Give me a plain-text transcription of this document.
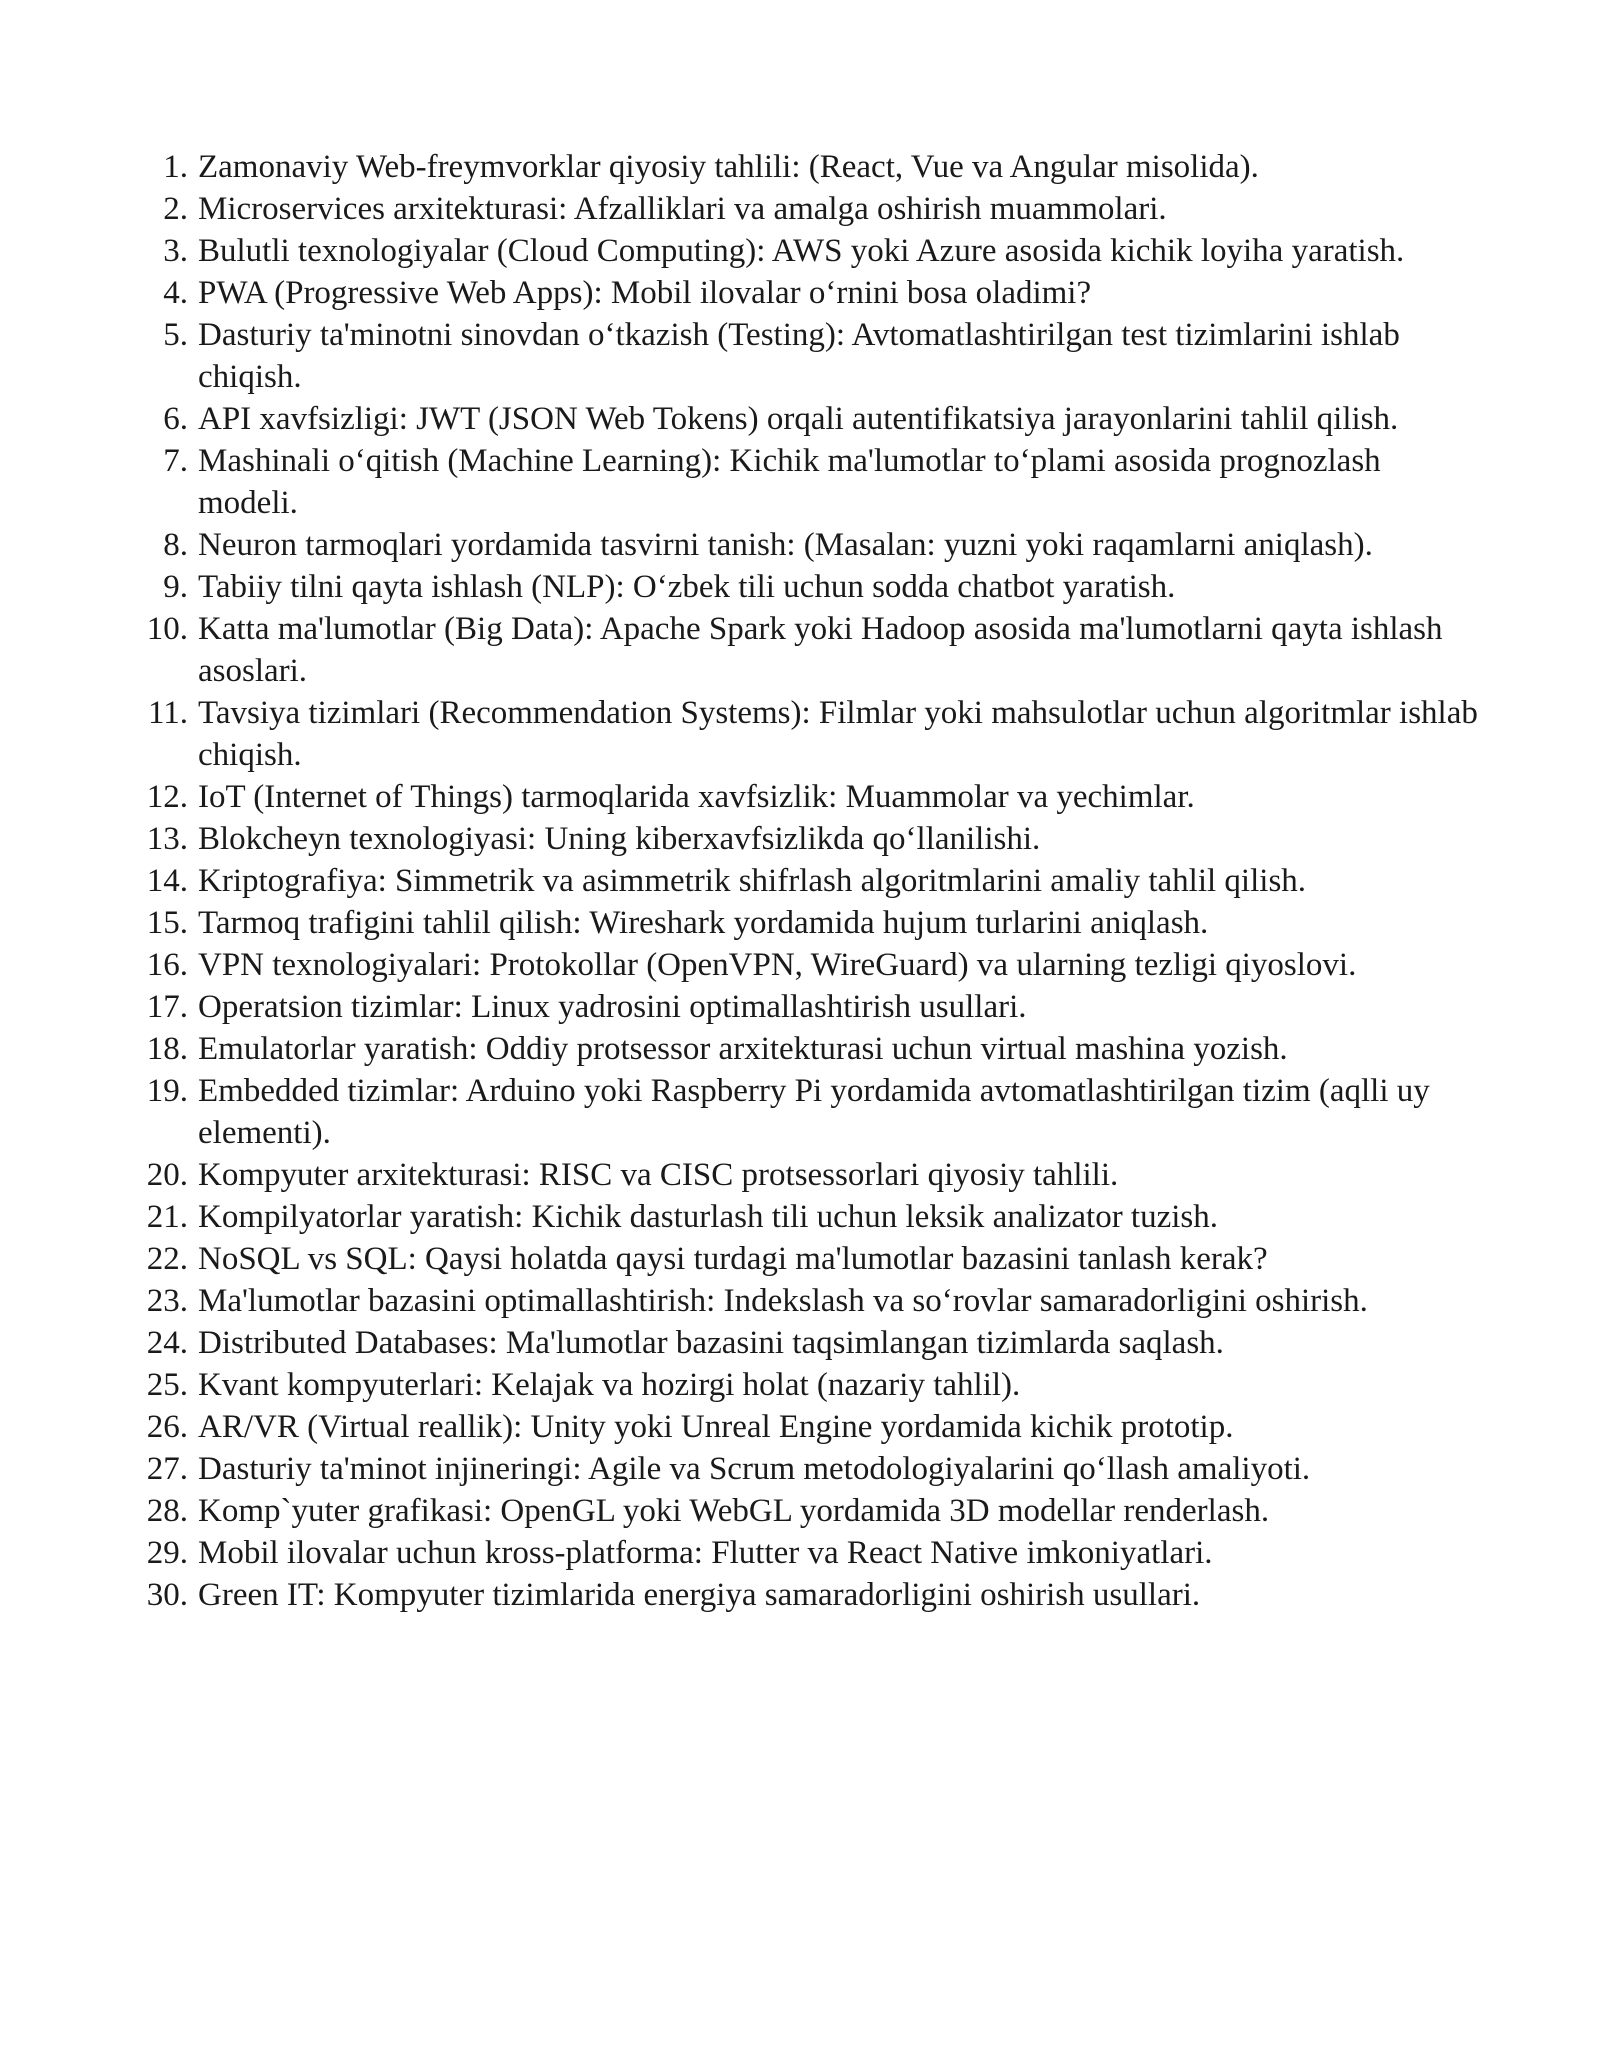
1. Zamonaviy Web-freymvorklar qiyosiy tahlili: (React, Vue va Angular misolida).
2. Microservices arxitekturasi: Afzalliklari va amalga oshirish muammolari.
3. Bulutli texnologiyalar (Cloud Computing): AWS yoki Azure asosida kichik loyiha yaratish.
4. PWA (Progressive Web Apps): Mobil ilovalar o‘rnini bosa oladimi?
5. Dasturiy ta'minotni sinovdan o‘tkazish (Testing): Avtomatlashtirilgan test tizimlarini ishlab chiqish.
6. API xavfsizligi: JWT (JSON Web Tokens) orqali autentifikatsiya jarayonlarini tahlil qilish.
7. Mashinali o‘qitish (Machine Learning): Kichik ma'lumotlar to‘plami asosida prognozlash modeli.
8. Neuron tarmoqlari yordamida tasvirni tanish: (Masalan: yuzni yoki raqamlarni aniqlash).
9. Tabiiy tilni qayta ishlash (NLP): O‘zbek tili uchun sodda chatbot yaratish.
10. Katta ma'lumotlar (Big Data): Apache Spark yoki Hadoop asosida ma'lumotlarni qayta ishlash asoslari.
11. Tavsiya tizimlari (Recommendation Systems): Filmlar yoki mahsulotlar uchun algoritmlar ishlab chiqish.
12. IoT (Internet of Things) tarmoqlarida xavfsizlik: Muammolar va yechimlar.
13. Blokcheyn texnologiyasi: Uning kiberxavfsizlikda qo‘llanilishi.
14. Kriptografiya: Simmetrik va asimmetrik shifrlash algoritmlarini amaliy tahlil qilish.
15. Tarmoq trafigini tahlil qilish: Wireshark yordamida hujum turlarini aniqlash.
16. VPN texnologiyalari: Protokollar (OpenVPN, WireGuard) va ularning tezligi qiyoslovi.
17. Operatsion tizimlar: Linux yadrosini optimallashtirish usullari.
18. Emulatorlar yaratish: Oddiy protsessor arxitekturasi uchun virtual mashina yozish.
19. Embedded tizimlar: Arduino yoki Raspberry Pi yordamida avtomatlashtirilgan tizim (aqlli uy elementi).
20. Kompyuter arxitekturasi: RISC va CISC protsessorlari qiyosiy tahlili.
21. Kompilyatorlar yaratish: Kichik dasturlash tili uchun leksik analizator tuzish.
22. NoSQL vs SQL: Qaysi holatda qaysi turdagi ma'lumotlar bazasini tanlash kerak?
23. Ma'lumotlar bazasini optimallashtirish: Indekslash va so‘rovlar samaradorligini oshirish.
24. Distributed Databases: Ma'lumotlar bazasini taqsimlangan tizimlarda saqlash.
25. Kvant kompyuterlari: Kelajak va hozirgi holat (nazariy tahlil).
26. AR/VR (Virtual reallik): Unity yoki Unreal Engine yordamida kichik prototip.
27. Dasturiy ta'minot injineringi: Agile va Scrum metodologiyalarini qo‘llash amaliyoti.
28. Komp`yuter grafikasi: OpenGL yoki WebGL yordamida 3D modellar renderlash.
29. Mobil ilovalar uchun kross-platforma: Flutter va React Native imkoniyatlari.
30. Green IT: Kompyuter tizimlarida energiya samaradorligini oshirish usullari.
